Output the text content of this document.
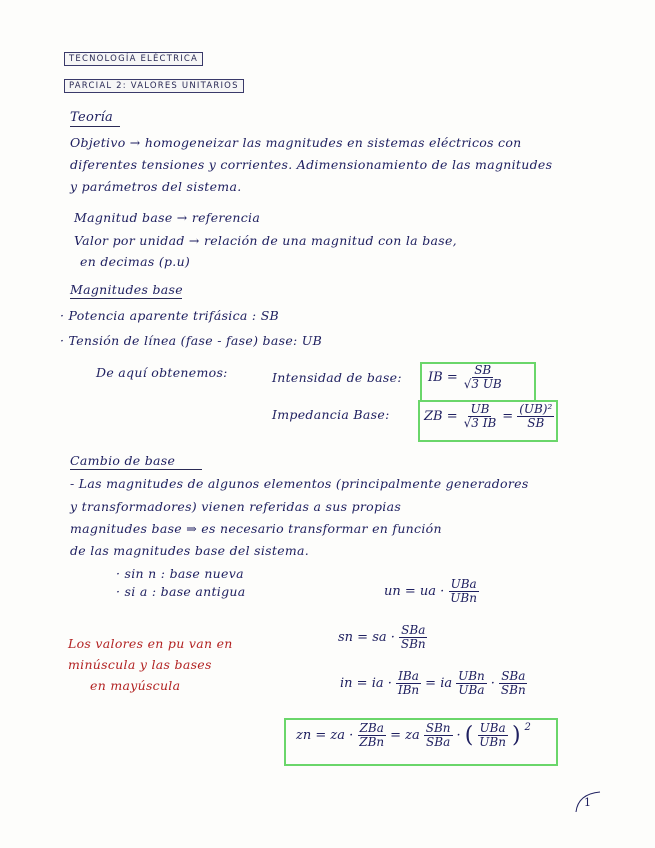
TECNOLOGÍA ELÉCTRICA
PARCIAL 2: VALORES UNITARIOS
Teoría
Objetivo → homogeneizar las magnitudes en sistemas eléctricos con
diferentes tensiones y corrientes. Adimensionamiento de las magnitudes
y parámetros del sistema.
Magnitud base → referencia
Valor por unidad → relación de una magnitud con la base,
en decimas (p.u)
Magnitudes base
· Potencia aparente trifásica : SB
· Tensión de línea (fase - fase) base: UB
De aquí obtenemos:	Intensidad de base:
Impedancia Base:
IB = $\frac{SB}{√3 UB}$
ZB = $\frac{UB}{√3 IB} = \frac{\text{(UB)²}}{SB}$
Cambio de base
- Las magnitudes de algunos elementos (principalmente generadores
y transformadores) vienen referidas a sus propias
magnitudes base ⇒ es necesario transformar en función
de las magnitudes base del sistema.
· sin n : base nueva
· si a : base antigua	un = ua · $\frac{\text{UBa}}{\text{UBn}}$
Los valores en pu van en
minúscula y las bases
en mayúscula
sn = sa · $\frac{\text{SBa}}{\text{SBn}}$
in = ia · $\frac{\text{IBa}}{\text{IBn}}$ = ia $\frac{\text{UBn}}{\text{UBa}} \cdot \frac{\text{SBa}}{\text{SBn}}$
zn = za · $\frac{\text{ZBa}}{\text{ZBn}}$ = za $\frac{\text{SBn}}{\text{SBa}}$ · ( $\frac{\text{UBa}}{\text{UBn}}$ ) $^2$
1
